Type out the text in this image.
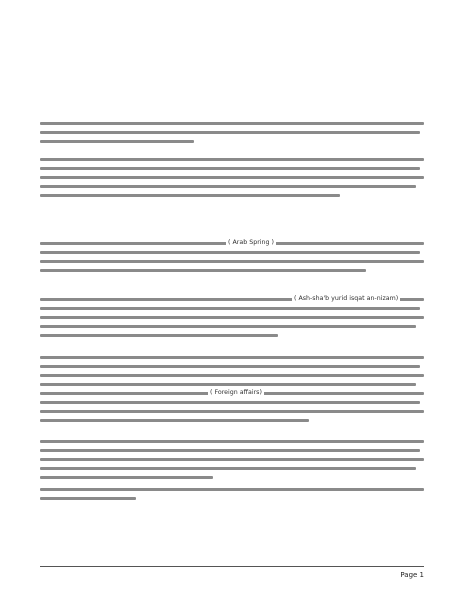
( Arab Spring )
( Ash-sha'b yurid isqat an-nizam)
( Foreign affairs)
Page 1
